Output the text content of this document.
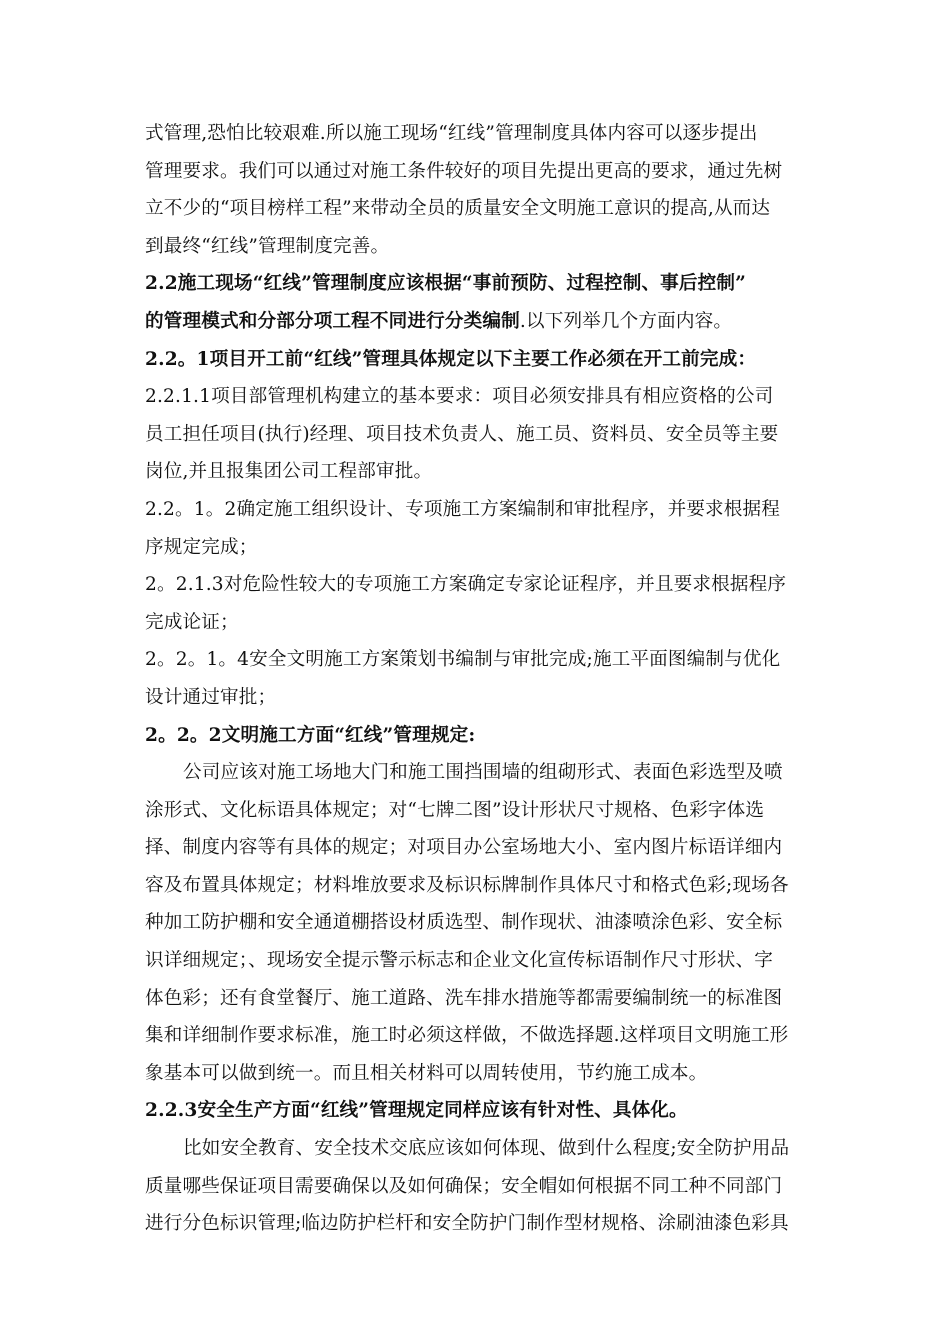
式管理,恐怕比较艰难.所以施工现场“红线”管理制度具体内容可以逐步提出
管理要求。我们可以通过对施工条件较好的项目先提出更高的要求，通过先树
立不少的“项目榜样工程”来带动全员的质量安全文明施工意识的提高,从而达
到最终“红线”管理制度完善。
2.2施工现场“红线”管理制度应该根据“事前预防、过程控制、事后控制”
的管理模式和分部分项工程不同进行分类编制.以下列举几个方面内容。
2.2。1项目开工前“红线”管理具体规定以下主要工作必须在开工前完成：
2.2.1.1项目部管理机构建立的基本要求：项目必须安排具有相应资格的公司
员工担任项目(执行)经理、项目技术负责人、施工员、资料员、安全员等主要
岗位,并且报集团公司工程部审批。
2.2。1。2确定施工组织设计、专项施工方案编制和审批程序，并要求根据程
序规定完成；
2。2.1.3对危险性较大的专项施工方案确定专家论证程序，并且要求根据程序
完成论证；
2。2。1。4安全文明施工方案策划书编制与审批完成;施工平面图编制与优化
设计通过审批；
2。2。2文明施工方面“红线”管理规定:
公司应该对施工场地大门和施工围挡围墙的组砌形式、表面色彩选型及喷
涂形式、文化标语具体规定；对“七牌二图”设计形状尺寸规格、色彩字体选
择、制度内容等有具体的规定；对项目办公室场地大小、室内图片标语详细内
容及布置具体规定；材料堆放要求及标识标牌制作具体尺寸和格式色彩;现场各
种加工防护棚和安全通道棚搭设材质选型、制作现状、油漆喷涂色彩、安全标
识详细规定；、现场安全提示警示标志和企业文化宣传标语制作尺寸形状、字
体色彩；还有食堂餐厅、施工道路、洗车排水措施等都需要编制统一的标准图
集和详细制作要求标准，施工时必须这样做，不做选择题.这样项目文明施工形
象基本可以做到统一。而且相关材料可以周转使用，节约施工成本。
2.2.3安全生产方面“红线”管理规定同样应该有针对性、具体化。
比如安全教育、安全技术交底应该如何体现、做到什么程度;安全防护用品
质量哪些保证项目需要确保以及如何确保；安全帽如何根据不同工种不同部门
进行分色标识管理;临边防护栏杆和安全防护门制作型材规格、涂刷油漆色彩具
